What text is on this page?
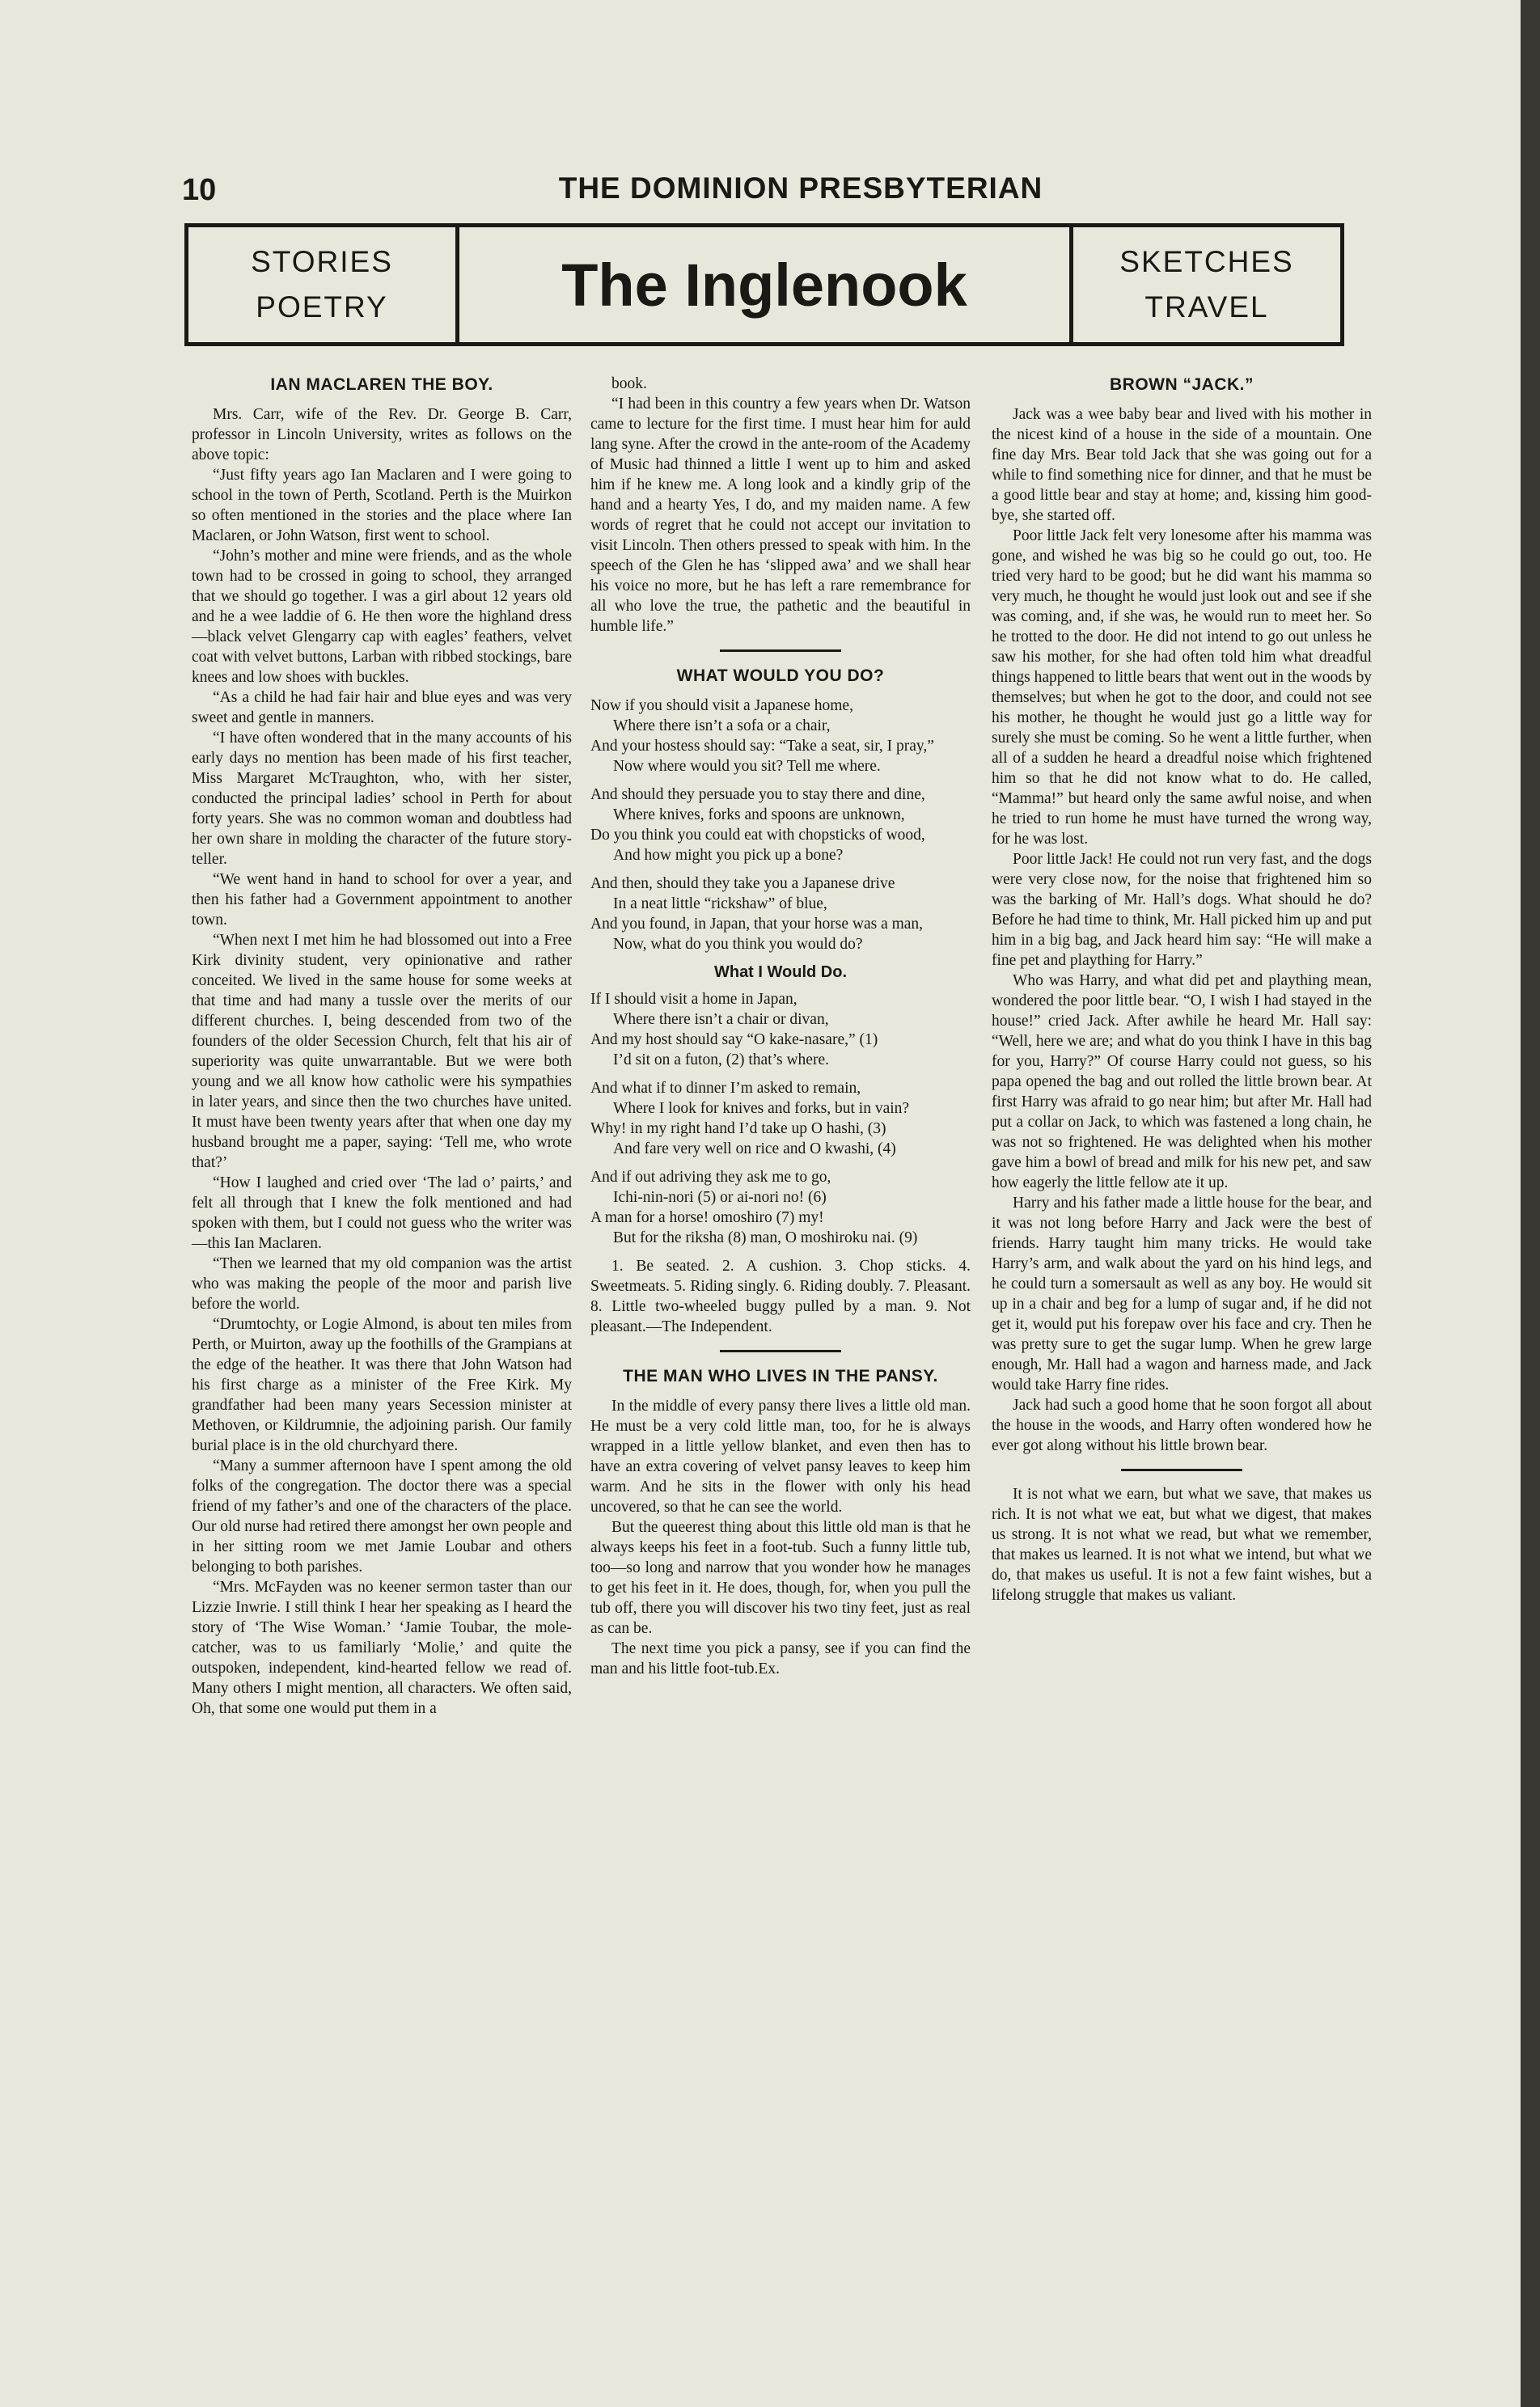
10	THE DOMINION PRESBYTERIAN
STORIES
POETRY	The Inglenook	SKETCHES
TRAVEL
IAN MACLAREN THE BOY.

Mrs. Carr, wife of the Rev. Dr. George B. Carr, professor in Lincoln University, writes as follows on the above topic:

“Just fifty years ago Ian Maclaren and I were going to school in the town of Perth, Scotland. Perth is the Muirkon so often mentioned in the stories and the place where Ian Maclaren, or John Watson, first went to school.

“John’s mother and mine were friends, and as the whole town had to be crossed in going to school, they arranged that we should go together. I was a girl about 12 years old and he a wee laddie of 6. He then wore the highland dress—black velvet Glengarry cap with eagles’ feathers, velvet coat with velvet buttons, Larban with ribbed stockings, bare knees and low shoes with buckles.

“As a child he had fair hair and blue eyes and was very sweet and gentle in manners.

“I have often wondered that in the many accounts of his early days no mention has been made of his first teacher, Miss Margaret McTraughton, who, with her sister, conducted the principal ladies’ school in Perth for about forty years. She was no common woman and doubtless had her own share in molding the character of the future story-teller.

“We went hand in hand to school for over a year, and then his father had a Government appointment to another town.

“When next I met him he had blossomed out into a Free Kirk divinity student, very opinionative and rather conceited. We lived in the same house for some weeks at that time and had many a tussle over the merits of our different churches. I, being descended from two of the founders of the older Secession Church, felt that his air of superiority was quite unwarrantable. But we were both young and we all know how catholic were his sympathies in later years, and since then the two churches have united. It must have been twenty years after that when one day my husband brought me a paper, saying: ‘Tell me, who wrote that?’

“How I laughed and cried over ‘The lad o’ pairts,’ and felt all through that I knew the folk mentioned and had spoken with them, but I could not guess who the writer was—this Ian Maclaren.

“Then we learned that my old companion was the artist who was making the people of the moor and parish live before the world.

“Drumtochty, or Logie Almond, is about ten miles from Perth, or Muirton, away up the foothills of the Grampians at the edge of the heather. It was there that John Watson had his first charge as a minister of the Free Kirk. My grandfather had been many years Secession minister at Methoven, or Kildrumnie, the adjoining parish. Our family burial place is in the old churchyard there.

“Many a summer afternoon have I spent among the old folks of the congregation. The doctor there was a special friend of my father’s and one of the characters of the place. Our old nurse had retired there amongst her own people and in her sitting room we met Jamie Loubar and others belonging to both parishes.

“Mrs. McFayden was no keener sermon taster than our Lizzie Inwrie. I still think I hear her speaking as I heard the story of ‘The Wise Woman.’ ‘Jamie Toubar, the mole-catcher, was to us familiarly ‘Molie,’ and quite the outspoken, independent, kind-hearted fellow we read of. Many others I might mention, all characters. We often said, Oh, that some one would put them in a

book.

“I had been in this country a few years when Dr. Watson came to lecture for the first time. I must hear him for auld lang syne. After the crowd in the ante-room of the Academy of Music had thinned a little I went up to him and asked him if he knew me. A long look and a kindly grip of the hand and a hearty Yes, I do, and my maiden name. A few words of regret that he could not accept our invitation to visit Lincoln. Then others pressed to speak with him. In the speech of the Glen he has ‘slipped awa’ and we shall hear his voice no more, but he has left a rare remembrance for all who love the true, the pathetic and the beautiful in humble life.”

WHAT WOULD YOU DO?
Now if you should visit a Japanese home,
Where there isn’t a sofa or a chair,
And your hostess should say: “Take a seat, sir, I pray,”
Now where would you sit? Tell me where.
And should they persuade you to stay there and dine,
Where knives, forks and spoons are unknown,
Do you think you could eat with chopsticks of wood,
And how might you pick up a bone?
And then, should they take you a Japanese drive
In a neat little “rickshaw” of blue,
And you found, in Japan, that your horse was a man,
Now, what do you think you would do?
What I Would Do.
If I should visit a home in Japan,
Where there isn’t a chair or divan,
And my host should say “O kake-nasare,” (1)
I’d sit on a futon, (2) that’s where.
And what if to dinner I’m asked to remain,
Where I look for knives and forks, but in vain?
Why! in my right hand I’d take up O hashi, (3)
And fare very well on rice and O kwashi, (4)
And if out adriving they ask me to go,
Ichi-nin-nori (5) or ai-nori no! (6)
A man for a horse! omoshiro (7) my!
But for the riksha (8) man, O moshiroku nai. (9)

1. Be seated. 2. A cushion. 3. Chop sticks. 4. Sweetmeats. 5. Riding singly. 6. Riding doubly. 7. Pleasant. 8. Little two-wheeled buggy pulled by a man. 9. Not pleasant.—The Independent.

THE MAN WHO LIVES IN THE PANSY.

In the middle of every pansy there lives a little old man. He must be a very cold little man, too, for he is always wrapped in a little yellow blanket, and even then has to have an extra covering of velvet pansy leaves to keep him warm. And he sits in the flower with only his head uncovered, so that he can see the world.

But the queerest thing about this little old man is that he always keeps his feet in a foot-tub. Such a funny little tub, too—so long and narrow that you wonder how he manages to get his feet in it. He does, though, for, when you pull the tub off, there you will discover his two tiny feet, just as real as can be.

The next time you pick a pansy, see if you can find the man and his little foot-tub.Ex.

BROWN “JACK.”

Jack was a wee baby bear and lived with his mother in the nicest kind of a house in the side of a mountain. One fine day Mrs. Bear told Jack that she was going out for a while to find something nice for dinner, and that he must be a good little bear and stay at home; and, kissing him good-bye, she started off.

Poor little Jack felt very lonesome after his mamma was gone, and wished he was big so he could go out, too. He tried very hard to be good; but he did want his mamma so very much, he thought he would just look out and see if she was coming, and, if she was, he would run to meet her. So he trotted to the door. He did not intend to go out unless he saw his mother, for she had often told him what dreadful things happened to little bears that went out in the woods by themselves; but when he got to the door, and could not see his mother, he thought he would just go a little way for surely she must be coming. So he went a little further, when all of a sudden he heard a dreadful noise which frightened him so that he did not know what to do. He called, “Mamma!” but heard only the same awful noise, and when he tried to run home he must have turned the wrong way, for he was lost.

Poor little Jack! He could not run very fast, and the dogs were very close now, for the noise that frightened him so was the barking of Mr. Hall’s dogs. What should he do? Before he had time to think, Mr. Hall picked him up and put him in a big bag, and Jack heard him say: “He will make a fine pet and plaything for Harry.”

Who was Harry, and what did pet and plaything mean, wondered the poor little bear. “O, I wish I had stayed in the house!” cried Jack. After awhile he heard Mr. Hall say: “Well, here we are; and what do you think I have in this bag for you, Harry?” Of course Harry could not guess, so his papa opened the bag and out rolled the little brown bear. At first Harry was afraid to go near him; but after Mr. Hall had put a collar on Jack, to which was fastened a long chain, he was not so frightened. He was delighted when his mother gave him a bowl of bread and milk for his new pet, and saw how eagerly the little fellow ate it up.

Harry and his father made a little house for the bear, and it was not long before Harry and Jack were the best of friends. Harry taught him many tricks. He would take Harry’s arm, and walk about the yard on his hind legs, and he could turn a somersault as well as any boy. He would sit up in a chair and beg for a lump of sugar and, if he did not get it, would put his forepaw over his face and cry. Then he was pretty sure to get the sugar lump. When he grew large enough, Mr. Hall had a wagon and harness made, and Jack would take Harry fine rides.

Jack had such a good home that he soon forgot all about the house in the woods, and Harry often wondered how he ever got along without his little brown bear.

It is not what we earn, but what we save, that makes us rich. It is not what we eat, but what we digest, that makes us strong. It is not what we read, but what we remember, that makes us learned. It is not what we intend, but what we do, that makes us useful. It is not a few faint wishes, but a lifelong struggle that makes us valiant.
